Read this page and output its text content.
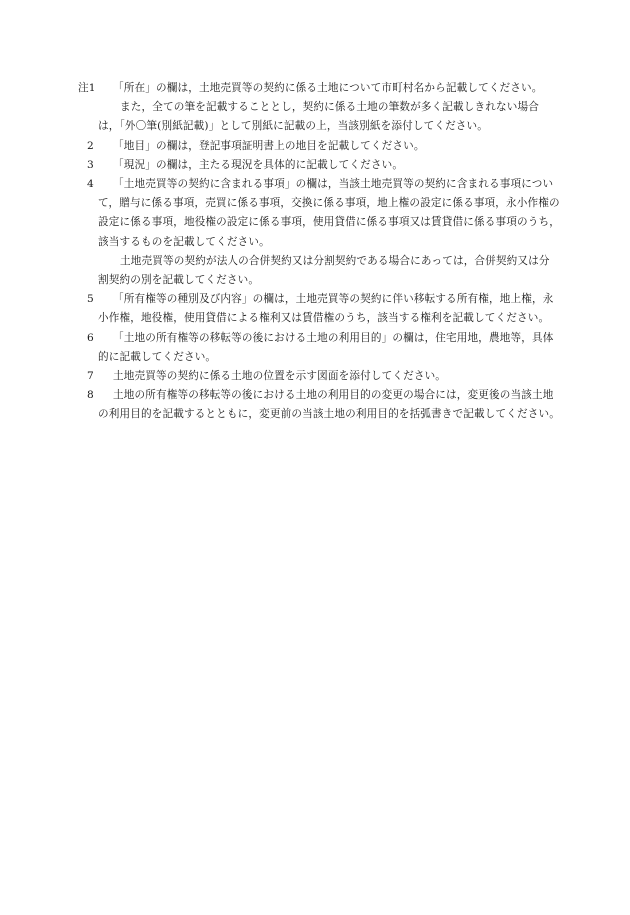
注1	「所在」の欄は，土地売買等の契約に係る土地について市町村名から記載してください。

また，全ての筆を記載することとし，契約に係る土地の筆数が多く記載しきれない場合は，「外〇筆(別紙記載)」として別紙に記載の上，当該別紙を添付してください。

2	「地目」の欄は，登記事項証明書上の地目を記載してください。

3	「現況」の欄は，主たる現況を具体的に記載してください。

4	「土地売買等の契約に含まれる事項」の欄は，当該土地売買等の契約に含まれる事項について，贈与に係る事項，売買に係る事項，交換に係る事項，地上権の設定に係る事項，永小作権の設定に係る事項，地役権の設定に係る事項，使用貸借に係る事項又は賃貸借に係る事項のうち，該当するものを記載してください。

土地売買等の契約が法人の合併契約又は分割契約である場合にあっては，合併契約又は分割契約の別を記載してください。

5	「所有権等の種別及び内容」の欄は，土地売買等の契約に伴い移転する所有権，地上権，永小作権，地役権，使用貸借による権利又は賃借権のうち，該当する権利を記載してください。

6	「土地の所有権等の移転等の後における土地の利用目的」の欄は，住宅用地，農地等，具体的に記載してください。

7	土地売買等の契約に係る土地の位置を示す図面を添付してください。

8	土地の所有権等の移転等の後における土地の利用目的の変更の場合には，変更後の当該土地の利用目的を記載するとともに，変更前の当該土地の利用目的を括弧書きで記載してください。
